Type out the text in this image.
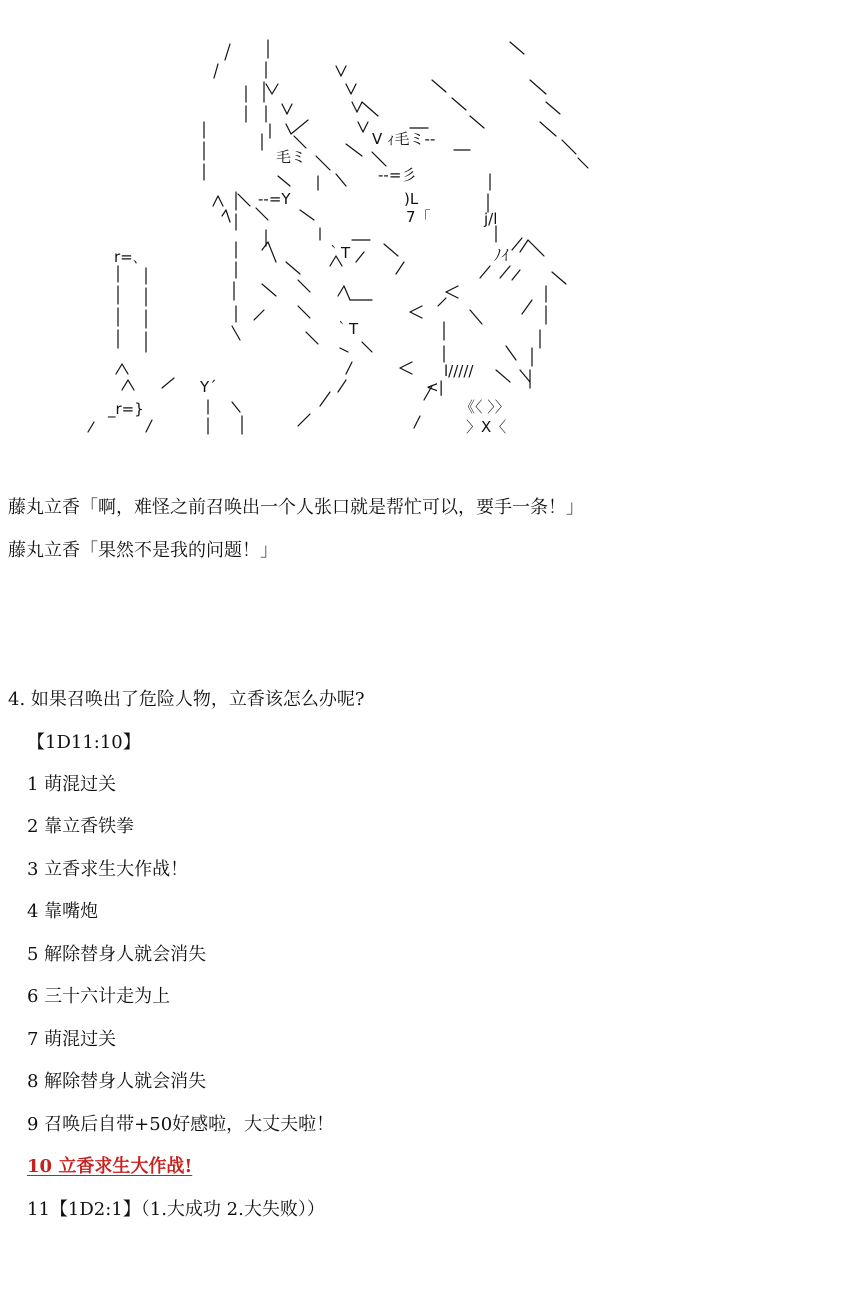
毛ミ
V ｨ毛ミ-‐
‐‐=彡
‐‐=Y	)L
7「	j/l
ﾉｲ
｀T
｀T
l/////
《〈 〉〉
〉X〈
r=､
_r=}
Y´	<|
藤丸立香「啊，难怪之前召唤出一个人张口就是帮忙可以，要手一条！」
藤丸立香「果然不是我的问题！」
4. 如果召唤出了危险人物，立香该怎么办呢?
【1D11:10】
1 萌混过关
2 靠立香铁拳
3 立香求生大作战！
4 靠嘴炮
5 解除替身人就会消失
6 三十六计走为上
7 萌混过关
8 解除替身人就会消失
9 召唤后自带+50好感啦，大丈夫啦！
10 立香求生大作战!
11【1D2:1】（1.大成功 2.大失败））
